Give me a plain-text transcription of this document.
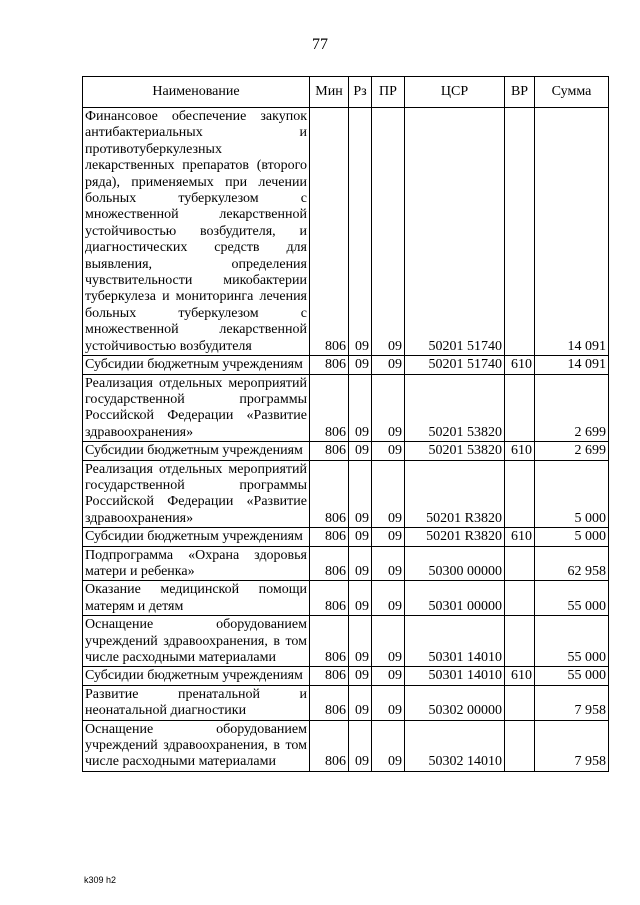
77
Наименование	Мин	Рз	ПР	ЦСР	ВР	Сумма
Финансовое обеспечение закупок антибактериальных и противотуберкулезных лекарственных препаратов (второго ряда), применяемых при лечении больных туберкулезом с множественной лекарственной устойчивостью возбудителя, и диагностических средств для выявления, определения чувствительности микобактерии туберкулеза и мониторинга лечения больных туберкулезом с множественной лекарственной устойчивостью возбудителя	806	09	09	50201 51740		14 091
Субсидии бюджетным учреждениям	806	09	09	50201 51740	610	14 091
Реализация отдельных мероприятий государственной программы Российской Федерации «Развитие здравоохранения»	806	09	09	50201 53820		2 699
Субсидии бюджетным учреждениям	806	09	09	50201 53820	610	2 699
Реализация отдельных мероприятий государственной программы Российской Федерации «Развитие здравоохранения»	806	09	09	50201 R3820		5 000
Субсидии бюджетным учреждениям	806	09	09	50201 R3820	610	5 000
Подпрограмма «Охрана здоровья матери и ребенка»	806	09	09	50300 00000		62 958
Оказание медицинской помощи матерям и детям	806	09	09	50301 00000		55 000
Оснащение оборудованием учреждений здравоохранения, в том числе расходными материалами	806	09	09	50301 14010		55 000
Субсидии бюджетным учреждениям	806	09	09	50301 14010	610	55 000
Развитие пренатальной и неонатальной диагностики	806	09	09	50302 00000		7 958
Оснащение оборудованием учреждений здравоохранения, в том числе расходными материалами	806	09	09	50302 14010		7 958
k309 h2
